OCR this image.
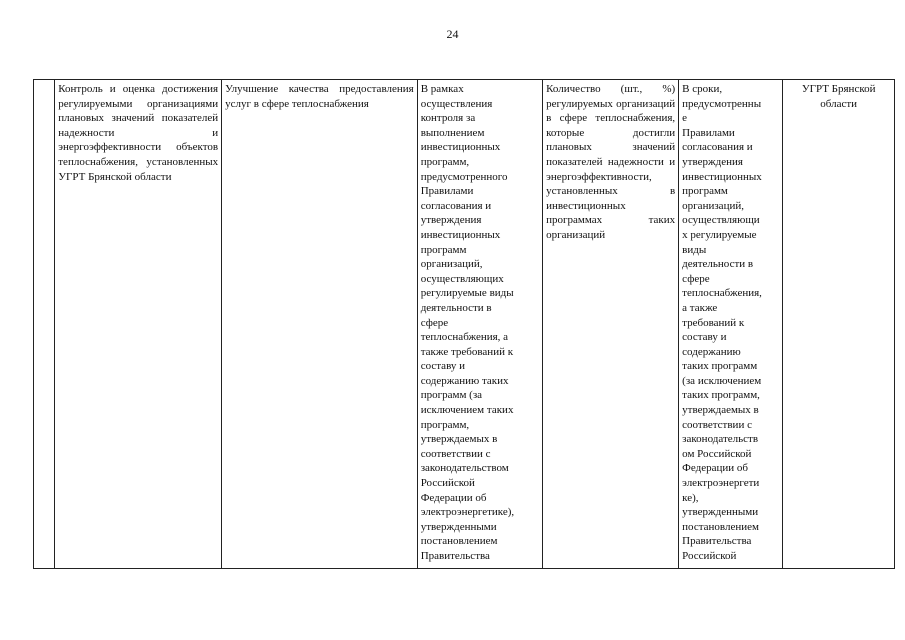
24
	Контроль и оценка достижения регулируемыми организациями плановых значений показателей надежности и энергоэффективности объектов теплоснабжения, установленных УГРТ Брянской области	Улучшение качества предоставления услуг в сфере теплоснабжения	В рамках
осуществления
контроля за
выполнением
инвестиционных
программ,
предусмотренного
Правилами
согласования и
утверждения
инвестиционных
программ
организаций,
осуществляющих
регулируемые виды
деятельности в
сфере
теплоснабжения, а
также требований к
составу и
содержанию таких
программ (за
исключением таких
программ,
утверждаемых в
соответствии с
законодательством
Российской
Федерации об
электроэнергетике),
утвержденными
постановлением
Правительства	Количество (шт., %) регулируемых организаций в сфере теплоснабжения, которые достигли плановых значений показателей надежности и энергоэффективности, установленных в инвестиционных программах таких организаций	В сроки,
предусмотренны
е
Правилами
согласования и
утверждения
инвестиционных
программ
организаций,
осуществляющи
х регулируемые
виды
деятельности в
сфере
теплоснабжения,
а также
требований к
составу и
содержанию
таких программ
(за исключением
таких программ,
утверждаемых в
соответствии с
законодательств
ом Российской
Федерации об
электроэнергети
ке),
утвержденными
постановлением
Правительства
Российской	УГРТ Брянской области
